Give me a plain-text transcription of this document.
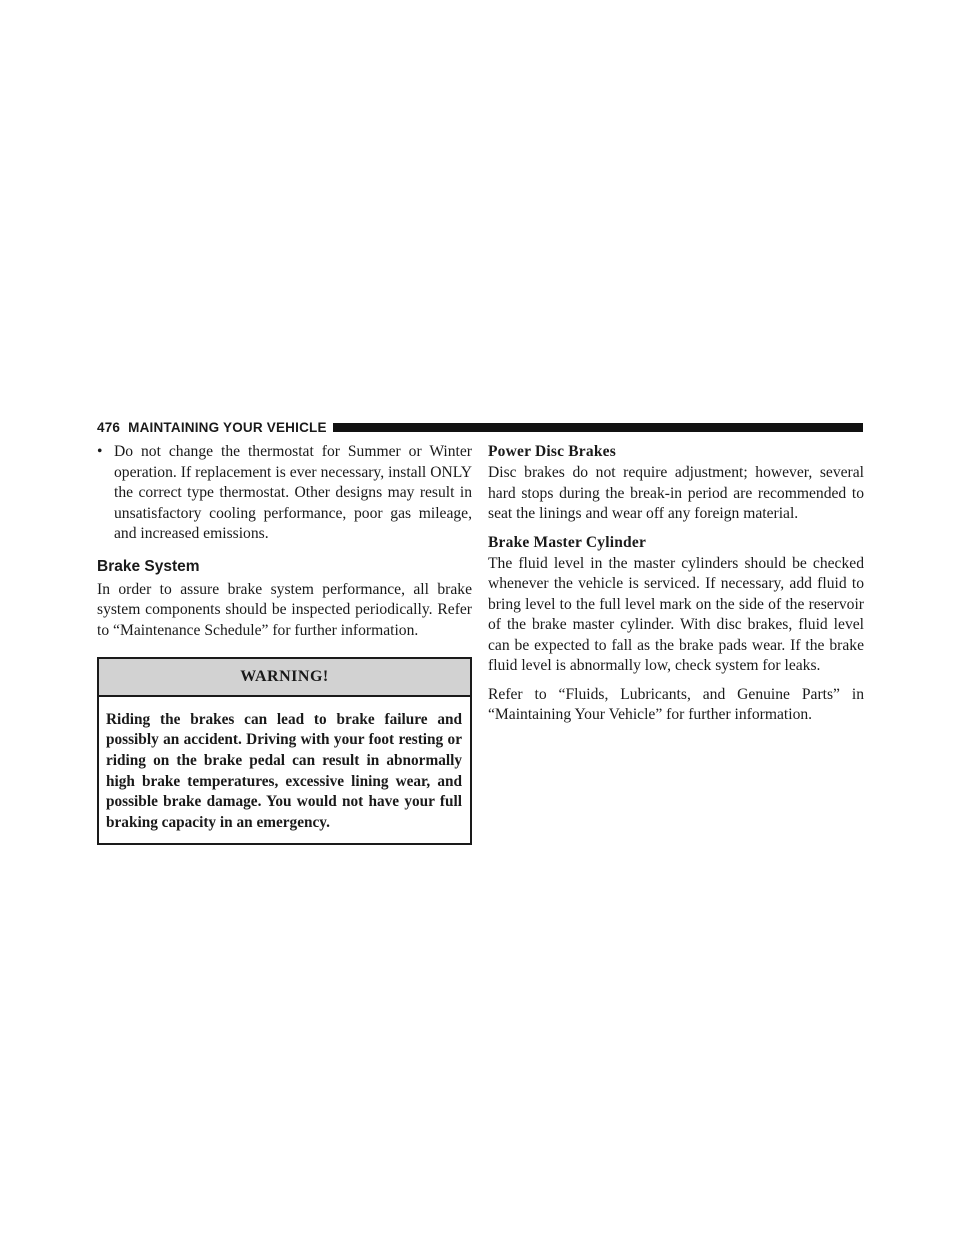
476 MAINTAINING YOUR VEHICLE
• Do not change the thermostat for Summer or Winter operation. If replacement is ever necessary, install ONLY the correct type thermostat. Other designs may result in unsatisfactory cooling performance, poor gas mileage, and increased emissions.
Brake System

In order to assure brake system performance, all brake system components should be inspected periodically. Refer to “Maintenance Schedule” for further information.

WARNING!
Riding the brakes can lead to brake failure and possibly an accident. Driving with your foot resting or riding on the brake pedal can result in abnormally high brake temperatures, excessive lining wear, and possible brake damage. You would not have your full braking capacity in an emergency.
Power Disc Brakes

Disc brakes do not require adjustment; however, several hard stops during the break-in period are recommended to seat the linings and wear off any foreign material.

Brake Master Cylinder

The fluid level in the master cylinders should be checked whenever the vehicle is serviced. If necessary, add fluid to bring level to the full level mark on the side of the reservoir of the brake master cylinder. With disc brakes, fluid level can be expected to fall as the brake pads wear. If the brake fluid level is abnormally low, check system for leaks.

Refer to “Fluids, Lubricants, and Genuine Parts” in “Maintaining Your Vehicle” for further information.
